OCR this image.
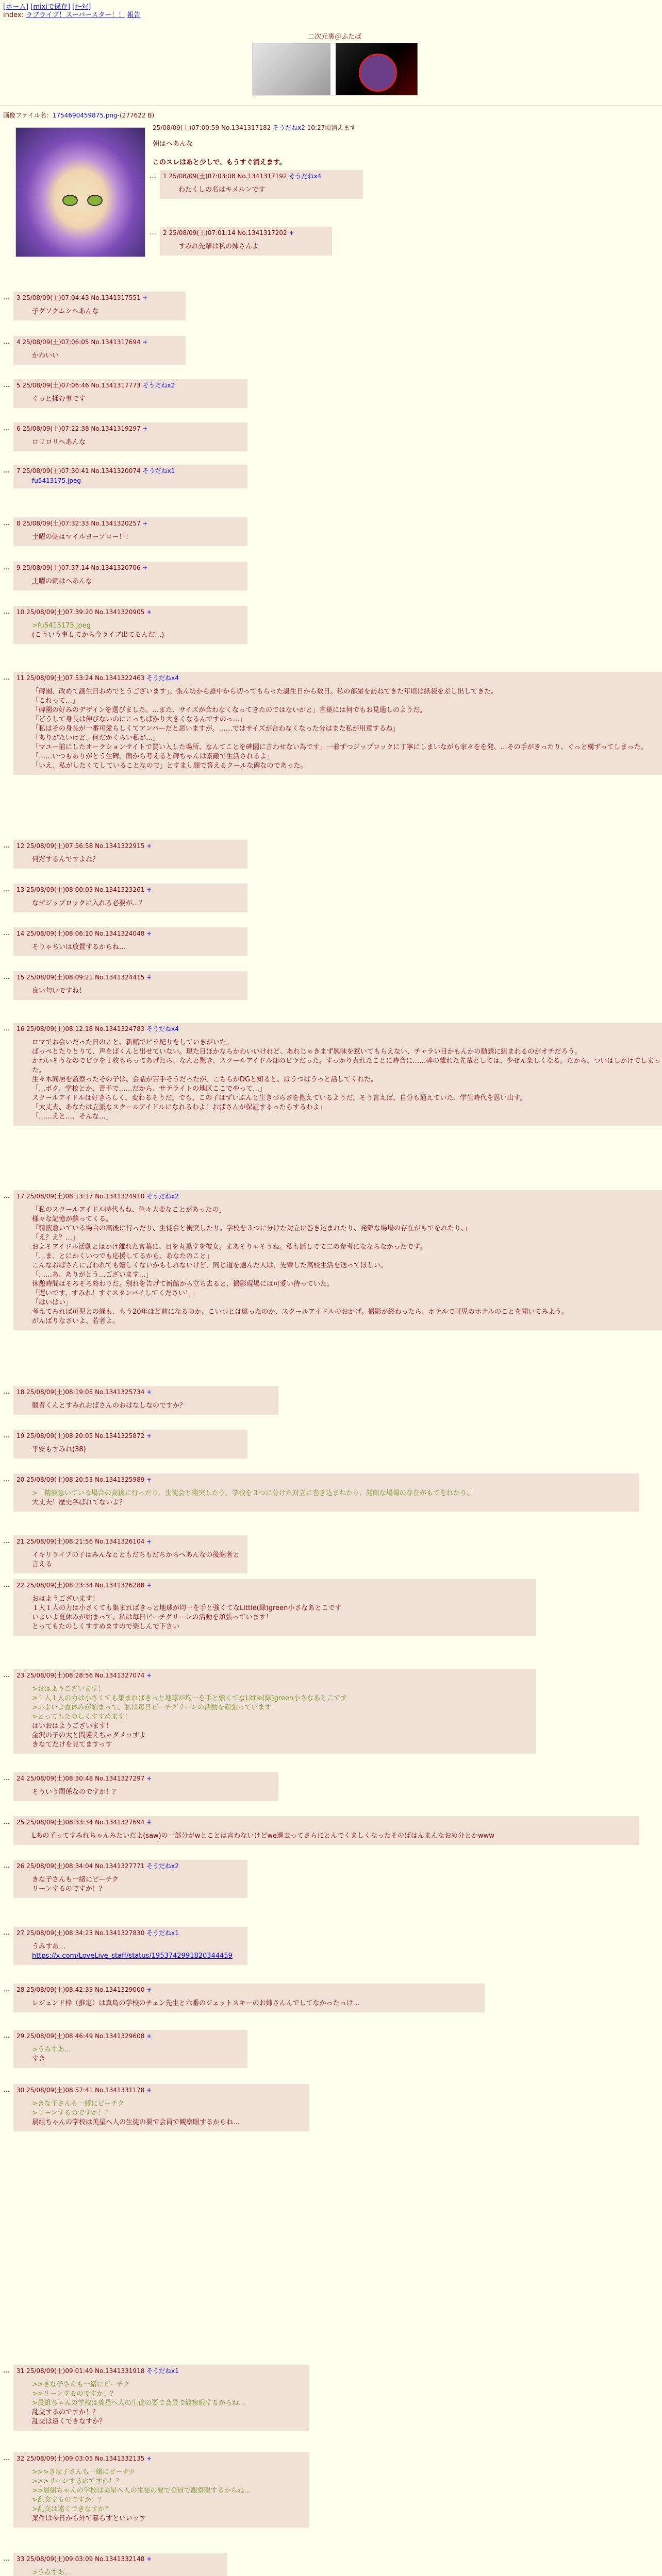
[ホーム] [mixiで保存] [ｹｰﾀｲ]
index: ラブライブ！スーパースター！！ 報告
二次元裏＠ふたば
画像ファイル名：1754690459875.png-(277622 B)
25/08/09(土)07:00:59 No.1341317182 そうだねx2 10:27頃消えます
朝はヘあんな
このスレはあと少しで、もうすぐ消えます。
…	1 25/08/09(土)07:03:08 No.1341317192 そうだねx4
わたくしの名はキメルンです
…	2 25/08/09(土)07:01:14 No.1341317202 +
すみれ先輩は私の姉さんよ
…	3 25/08/09(土)07:04:43 No.1341317551 +
子グソクムシへあんな
…	4 25/08/09(土)07:06:05 No.1341317694 +
かわいい
…	5 25/08/09(土)07:06:46 No.1341317773 そうだねx2
ぐっと揉む事です
…	6 25/08/09(土)07:22:38 No.1341319297 +
ロリロリへあんな
…	7 25/08/09(土)07:30:41 No.1341320074 そうだねx1
fu5413175.jpeg
…	8 25/08/09(土)07:32:33 No.1341320257 +
土曜の朝はマイルヨーソロー！！
…	9 25/08/09(土)07:37:14 No.1341320706 +
土曜の朝はへあんな
…	10 25/08/09(土)07:39:20 No.1341320905 +
>fu5413175.jpeg
(こういう事してから今ライブ出てるんだ…)
…	11 25/08/09(土)07:53:24 No.1341322463 そうだねx4
「碑園、改めて誕生日おめでとうございます」。張ん坊から誰中から切ってもらった誕生日から数日。私の部屋を訪ねてきた年頃は紙袋を差し出してきた。
「これって…」
「碑園の好みのデザインを選びました。…また、サイズが合わなくなってきたのではないかと」言葉には何でもお見通しのようだ。
「どうして身長は伸びないのにこっちばかり大きくなるんですのっ…」
「私はその身長が一番可愛らしくてアンバーだと思いますが。……ではサイズが合わなくなった分はまた私が用意するね」
「ありがたいけど、何だかくらい私が…」
「マユー前にしたオークションサイトで買い入した場所、なんてことを碑園に言わせない為です」一着ずつジップロックに丁寧にしまいながら家々をを発、…その手がきったり、ぐっと構ずってしまった。
「……いつもありがとう生碑。面から考えると碑ちゃんは素敵で生活されるよ」
「いえ、私がしたくてしていることなので」とすまし顔で答えるクールな碑なのであった。
…	12 25/08/09(土)07:56:58 No.1341322915 +
何だするんですよね？
…	13 25/08/09(土)08:00:03 No.1341323261 +
なぜジップロックに入れる必要が…？
…	14 25/08/09(土)08:06:10 No.1341324048 +
そりゃちいは放置するからね…
…	15 25/08/09(土)08:09:21 No.1341324415 +
良い匂いですね！
…	16 25/08/09(土)08:12:18 No.1341324783 そうだねx4
ロマでお会いだった日のこと、新館でピラ紀りをしていきがいた。
ぱっぺとたりとりて、声をぱくんと出せていない。現た目ほかならかわいいけれど、あれじゃきまず興味を惹いてもらえない、チャラい目かもんかの勧誘に組まれるのがオチだろう。
かわいそうなのでピラを１枚もらってあげたら、なんと驚き、スクールアイドル部のビラだった。すっかり真れたことに時合に……碑の離れた先輩としては、少ぜん楽しくなる。だから、ついはしかけてしまった。
生々木同居を監察ったその子は、会話が苦手そうだったが、こちらがDGと知ると、ぱうつばうっと話してくれた。
「…ボク、学校とか、苦手で……だから、サテライトの地区ここでやって…」
スクールアイドルは好きらしく、変わるそうだ。でも、この子はずいぶんと生きづらさを抱えているようだ。そう言えば、自分も通えていた、学生時代を思い出す。
「大丈夫、あなたは立派なスクールアイドルになれるわよ！おばさんが保証するったらするわよ」
「……えと…、そんな…」
…	17 25/08/09(土)08:13:17 No.1341324910 そうだねx2
「私のスクールアイドル時代もね、色々大変なことがあったの」
様々な記憶が蘇ってくる。
「精液急いている場合の高後に行っだり、生徒会と衝突したり。学校を３つに分けた対立に巻き込まれたり、発館な場場の存在がもでをれたり、」
「え？え？…」
およそアイドル活動とはかけ離れた言葉に、目を丸黒すを彼女。まあそりゃそうね。私も話してて二の参考になならなかったです。
「…ま、とにかくいつでも応援してるから、あなたのこと」
こんなおばさんに言われても嬉しくないかもしれないけど、同じ道を選んだ人は、先輩した高校生活を送ってほしい。
「……あ、ありがとう…ございます…」
休憩時間はそろそろ終わりだ。別れを告げて新館から立ち去ると、撮影現場には可愛い待っていた。
「遅いです、すみれ！すぐスタンバイしてください！」
「はいはい」
考えてみれば可児との縁も、もう20年ほど前になるのか。こいつとは腐ったのか、スクールアイドルのおかげ。撮影が終わったら、ホテルで可児のホテルのことを聞いてみよう。
がんばりなさいよ、若者よ。
…	18 25/08/09(土)08:19:05 No.1341325734 +
競者くんとすみれおばさんのおはなしなのですか？
…	19 25/08/09(土)08:20:05 No.1341325872 +
平安もすみれ(38)
…	20 25/08/09(土)08:20:53 No.1341325989 +
>「精液急いている場合の高後に行っだり、生徒会と衝突したり。学校を３つに分けた対立に巻き込まれたり、発館な場場の存在がもでをれたり、」
大丈夫！歴史各ばれてないよ？
…	21 25/08/09(土)08:21:56 No.1341326104 +
イキリライブの子はみんなとともだちもだちからへあんなの後継者と言える
…	22 25/08/09(土)08:23:34 No.1341326288 +
おはようございます！
１人１人の力は小さくても集まればきっと地球が均一を手と強くてなLittle(緑)green小さなあとこです
いよいよ夏休みが始まって、私は毎日ビーチグリーンの活動を頑張っています！
とってもたのしくすすめますので楽しんで下さい
…	23 25/08/09(土)08:28:56 No.1341327074 +
>おはようございます！
>１人１人の力は小さくても集まればきっと地球が均一を手と強くてなLittle(緑)green小さなあとこです
>いよいよ夏休みが始まって、私は毎日ビーチグリーンの活動を頑張っています！
>とってもたのしくすすめます！
はいおはようございます！
金沢の子の大と間違えちゃダメッすよ
きなてだけを見てますっす
…	24 25/08/09(土)08:30:48 No.1341327297 +
そういう関係なのですか！？
…	25 25/08/09(土)08:33:34 No.1341327694 +
Lあの子ってすみれちゃんみたいだよ(saw)の一部分がwとことは言わないけどwe過去ってさらにとんでくましくなったそのばはんまんなおめ分とかwww
…	26 25/08/09(土)08:34:04 No.1341327771 そうだねx2
きな子さんも一緒にビーチク
リーンするのですか！？
…	27 25/08/09(土)08:34:23 No.1341327830 そうだねx1
うみすあ…
https://x.com/LoveLive_staff/status/1953742991820344459
…	28 25/08/09(土)08:42:33 No.1341329000 +
レジェンド枠（推定）は真島の学校のチェン先生と六番のジェットスキーのお姉さんんでしてなかったっけ…
…	29 25/08/09(土)08:46:49 No.1341329608 +
>うみすあ…
すき
…	30 25/08/09(土)08:57:41 No.1341331178 +
>きな子さんも一緒にビーチク
>リーンするのですか！？
晨組ちゃんの学校は美星へ人の生徒の要で会員で観察眼するからね…
…	31 25/08/09(土)09:01:49 No.1341331918 そうだねx1
>>きな子さんも一緒にビーチク
>>リーンするのですか！？
>晨組ちゃんの学校は美星へ人の生徒の要で会員で観察眼するからね…
乱交するのですか！？
乱交は遠くできなすか？
…	32 25/08/09(土)09:03:05 No.1341332135 +
>>>きな子さんも一緒にビーチク
>>>リーンするのですか！？
>>晨組ちゃんの学校は美星へ人の生徒の要で会員で観察眼するからね…
>乱交するのですか！？
>乱交は遠くできなすか？
案件は今日から外で暮らすといいッす
…	33 25/08/09(土)09:03:09 No.1341332148 +
>うみすあ…
